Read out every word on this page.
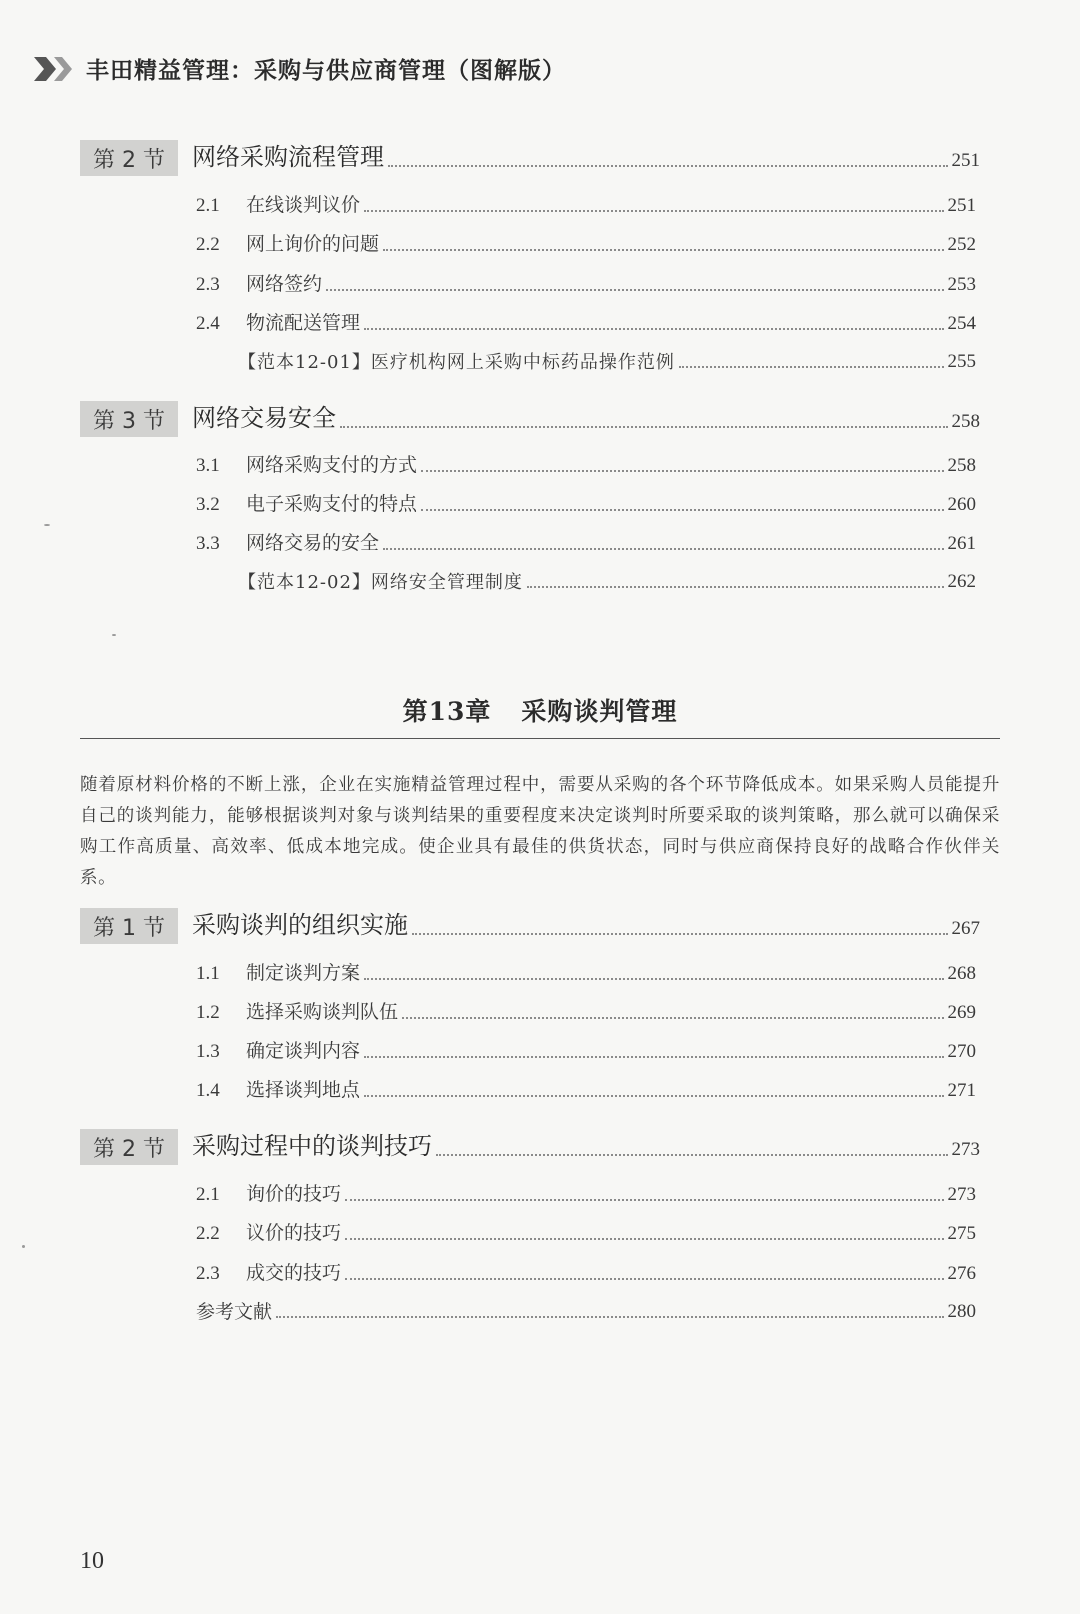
丰田精益管理：采购与供应商管理（图解版）
第 2 节	网络采购流程管理	251
2.1	在线谈判议价	251
2.2	网上询价的问题	252
2.3	网络签约	253
2.4	物流配送管理	254
【范本12-01】医疗机构网上采购中标药品操作范例	255
第 3 节	网络交易安全	258
3.1	网络采购支付的方式	258
3.2	电子采购支付的特点	260
3.3	网络交易的安全	261
【范本12-02】网络安全管理制度	262
第13章 采购谈判管理

随着原材料价格的不断上涨，企业在实施精益管理过程中，需要从采购的各个环节降低成本。如果采购人员能提升自己的谈判能力，能够根据谈判对象与谈判结果的重要程度来决定谈判时所要采取的谈判策略，那么就可以确保采购工作高质量、高效率、低成本地完成。使企业具有最佳的供货状态，同时与供应商保持良好的战略合作伙伴关系。

第 1 节	采购谈判的组织实施	267
1.1	制定谈判方案	268
1.2	选择采购谈判队伍	269
1.3	确定谈判内容	270
1.4	选择谈判地点	271
第 2 节	采购过程中的谈判技巧	273
2.1	询价的技巧	273
2.2	议价的技巧	275
2.3	成交的技巧	276
参考文献	280
10
